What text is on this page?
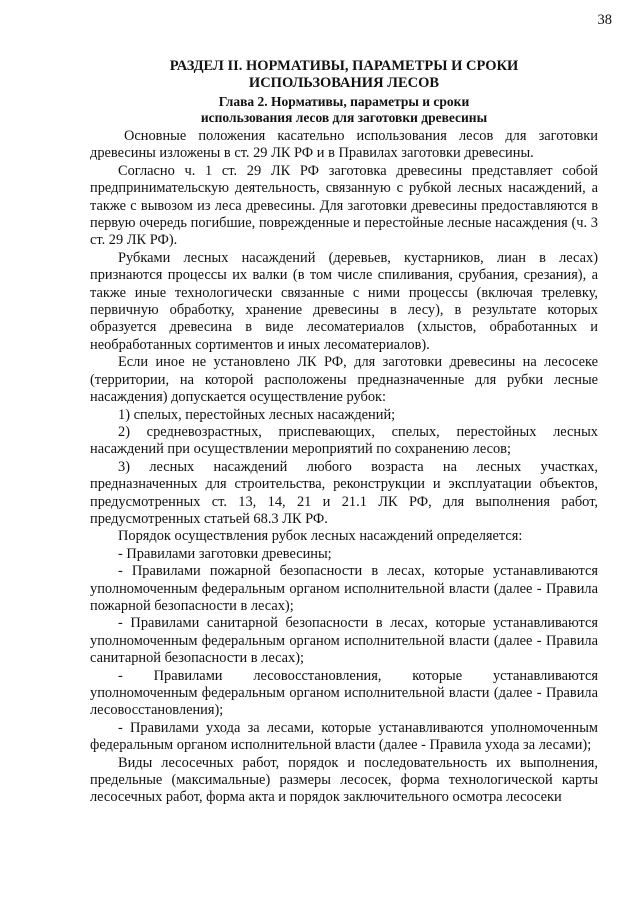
38

РАЗДЕЛ II. НОРМАТИВЫ, ПАРАМЕТРЫ И СРОКИ
ИСПОЛЬЗОВАНИЯ ЛЕСОВ

Глава 2. Нормативы, параметры и сроки
использования лесов для заготовки древесины

Основные положения касательно использования лесов для заготовки древесины изложены в ст. 29 ЛК РФ и в Правилах заготовки древесины.

Согласно ч. 1 ст. 29 ЛК РФ заготовка древесины представляет собой предпринимательскую деятельность, связанную с рубкой лесных насаждений, а также с вывозом из леса древесины. Для заготовки древесины предоставляются в первую очередь погибшие, поврежденные и перестойные лесные насаждения (ч. 3 ст. 29 ЛК РФ).

Рубками лесных насаждений (деревьев, кустарников, лиан в лесах) признаются процессы их валки (в том числе спиливания, срубания, срезания), а также иные технологически связанные с ними процессы (включая трелевку, первичную обработку, хранение древесины в лесу), в результате которых образуется древесина в виде лесоматериалов (хлыстов, обработанных и необработанных сортиментов и иных лесоматериалов).

Если иное не установлено ЛК РФ, для заготовки древесины на лесосеке (территории, на которой расположены предназначенные для рубки лесные насаждения) допускается осуществление рубок:

1) спелых, перестойных лесных насаждений;

2) средневозрастных, приспевающих, спелых, перестойных лесных насаждений при осуществлении мероприятий по сохранению лесов;

3) лесных насаждений любого возраста на лесных участках, предназначенных для строительства, реконструкции и эксплуатации объектов, предусмотренных ст. 13, 14, 21 и 21.1 ЛК РФ, для выполнения работ, предусмотренных статьей 68.3 ЛК РФ.

Порядок осуществления рубок лесных насаждений определяется:

- Правилами заготовки древесины;

- Правилами пожарной безопасности в лесах, которые устанавливаются уполномоченным федеральным органом исполнительной власти (далее - Правила пожарной безопасности в лесах);

- Правилами санитарной безопасности в лесах, которые устанавливаются уполномоченным федеральным органом исполнительной власти (далее - Правила санитарной безопасности в лесах);

- Правилами лесовосстановления, которые устанавливаются уполномоченным федеральным органом исполнительной власти (далее - Правила лесовосстановления);

- Правилами ухода за лесами, которые устанавливаются уполномоченным федеральным органом исполнительной власти (далее - Правила ухода за лесами);

Виды лесосечных работ, порядок и последовательность их выполнения, предельные (максимальные) размеры лесосек, форма технологической карты лесосечных работ, форма акта и порядок заключительного осмотра лесосеки
